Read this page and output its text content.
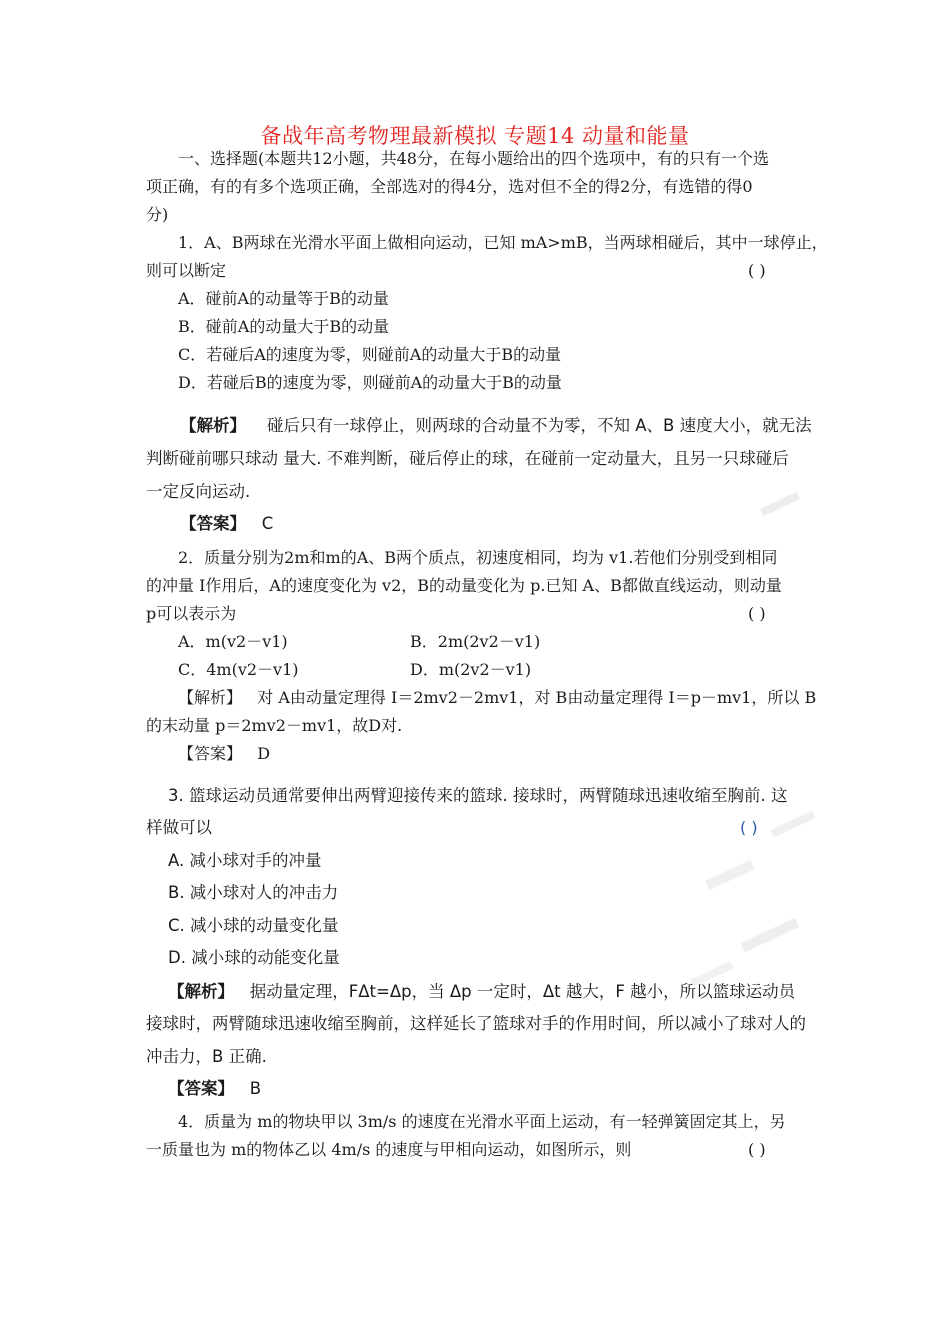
备战年高考物理最新模拟 专题14 动量和能量
一、选择题(本题共12小题，共48分，在每小题给出的四个选项中，有的只有一个选
项正确，有的有多个选项正确，全部选对的得4分，选对但不全的得2分，有选错的得0
分)
1．A、B两球在光滑水平面上做相向运动，已知 mA>mB，当两球相碰后，其中一球停止，
则可以断定	( )
A．碰前A的动量等于B的动量
B．碰前A的动量大于B的动量
C．若碰后A的速度为零，则碰前A的动量大于B的动量
D．若碰后B的速度为零，则碰前A的动量大于B的动量
【解析】 碰后只有一球停止，则两球的合动量不为零，不知 A、B 速度大小，就无法
判断碰前哪只球动 量大. 不难判断，碰后停止的球，在碰前一定动量大，且另一只球碰后
一定反向运动.
【答案】 C
2．质量分别为2m和m的A、B两个质点，初速度相同，均为 v1.若他们分别受到相同
的冲量 I作用后，A的速度变化为 v2，B的动量变化为 p.已知 A、B都做直线运动，则动量
p可以表示为	( )
A．m(v2－v1)	B．2m(2v2－v1)
C．4m(v2－v1)	D．m(2v2－v1)
【解析】 对 A由动量定理得 I＝2mv2－2mv1，对 B由动量定理得 I＝p－mv1，所以 B
的末动量 p＝2mv2－mv1，故D对.
【答案】 D
3. 篮球运动员通常要伸出两臂迎接传来的篮球. 接球时，两臂随球迅速收缩至胸前. 这
样做可以	( )
A. 减小球对手的冲量
B. 减小球对人的冲击力
C. 减小球的动量变化量
D. 减小球的动能变化量
【解析】 据动量定理，FΔt=Δp，当 Δp 一定时，Δt 越大，F 越小，所以篮球运动员
接球时，两臂随球迅速收缩至胸前，这样延长了篮球对手的作用时间，所以减小了球对人的
冲击力，B 正确.
【答案】 B
4．质量为 m的物块甲以 3m/s 的速度在光滑水平面上运动，有一轻弹簧固定其上，另
一质量也为 m的物体乙以 4m/s 的速度与甲相向运动，如图所示，则	( )
